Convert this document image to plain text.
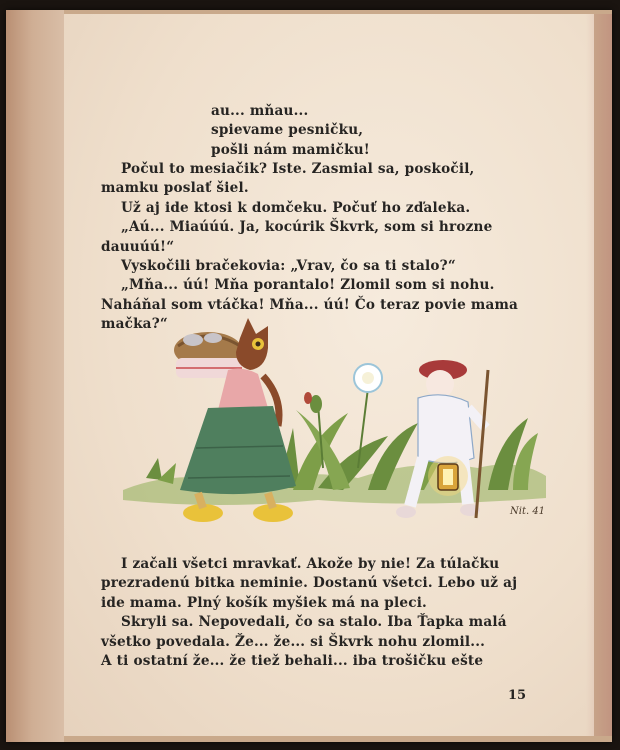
au... mňau...
spievame pesničku,
pošli nám mamičku!
Počul to mesiačik? Iste. Zasmial sa, poskočil,
mamku poslať šiel.
Už aj ide ktosi k domčeku. Počuť ho zďaleka.
„Aú... Miaúúú. Ja, kocúrik Škvrk, som si hrozne
dauuúú!“
Vyskočili bračekovia: „Vrav, čo sa ti stalo?“
„Mňa... úú! Mňa porantalo! Zlomil som si nohu.
Naháňal som vtáčka! Mňa... úú! Čo teraz povie mama
mačka?“
Nit. 41
I začali všetci mravkať. Akože by nie! Za túlačku
prezradenú bitka neminie. Dostanú všetci. Lebo už aj
ide mama. Plný košík myšiek má na pleci.
Skryli sa. Nepovedali, čo sa stalo. Iba Ťapka malá
všetko povedala. Že... že... si Škvrk nohu zlomil...
A ti ostatní že... že tiež behali... iba trošičku ešte
15
